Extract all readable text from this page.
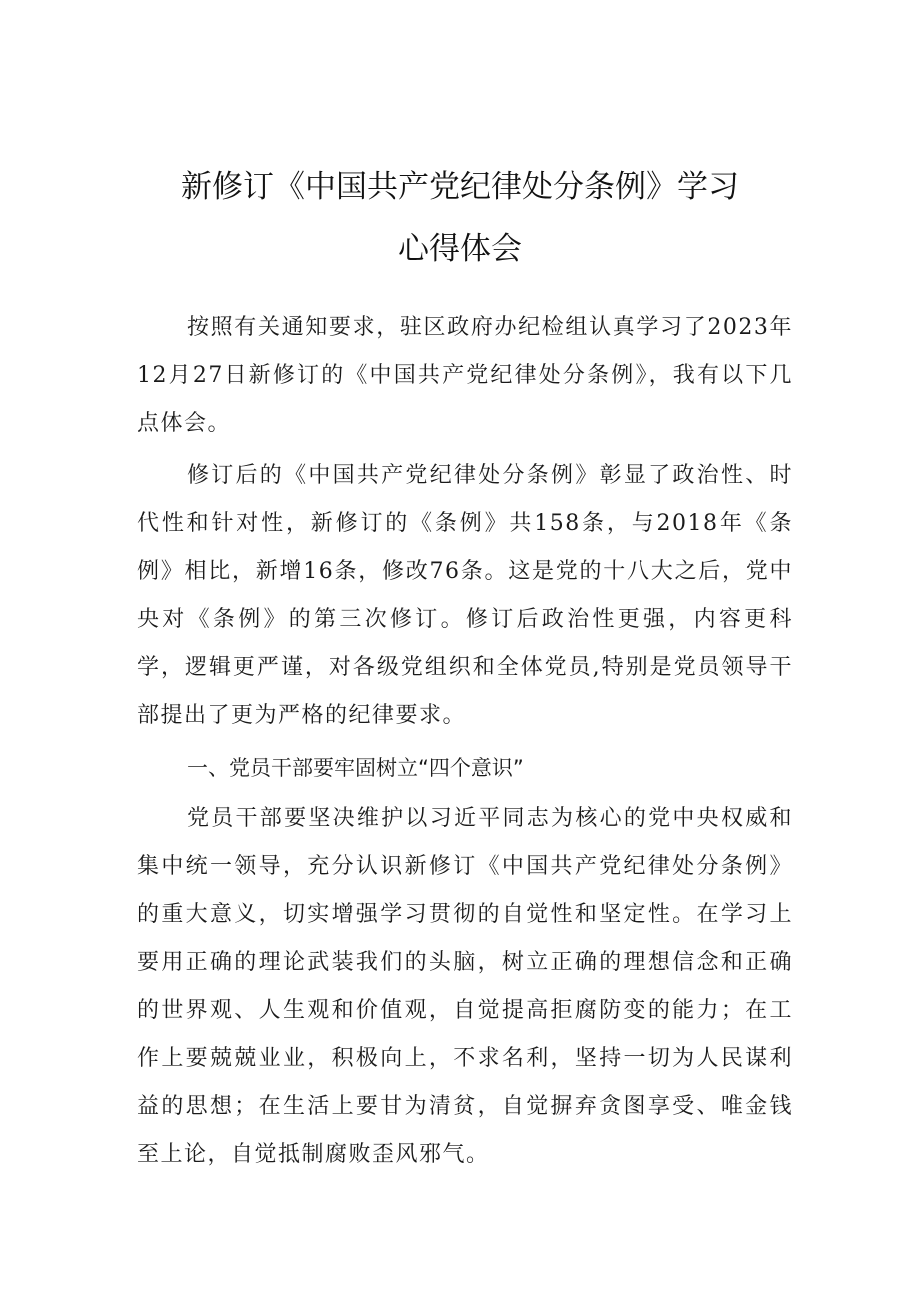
新修订《中国共产党纪律处分条例》学习
心得体会

按照有关通知要求，驻区政府办纪检组认真学习了2023年12月27日新修订的《中国共产党纪律处分条例》，我有以下几点体会。

修订后的《中国共产党纪律处分条例》彰显了政治性、时代性和针对性，新修订的《条例》共158条，与2018年《条例》相比，新增16条，修改76条。这是党的十八大之后，党中央对《条例》的第三次修订。修订后政治性更强，内容更科学，逻辑更严谨，对各级党组织和全体党员,特别是党员领导干部提出了更为严格的纪律要求。

一、党员干部要牢固树立“四个意识”

党员干部要坚决维护以习近平同志为核心的党中央权威和集中统一领导，充分认识新修订《中国共产党纪律处分条例》的重大意义，切实增强学习贯彻的自觉性和坚定性。在学习上要用正确的理论武装我们的头脑，树立正确的理想信念和正确的世界观、人生观和价值观，自觉提高拒腐防变的能力；在工作上要兢兢业业，积极向上，不求名利，坚持一切为人民谋利益的思想；在生活上要甘为清贫，自觉摒弃贪图享受、唯金钱至上论，自觉抵制腐败歪风邪气。
